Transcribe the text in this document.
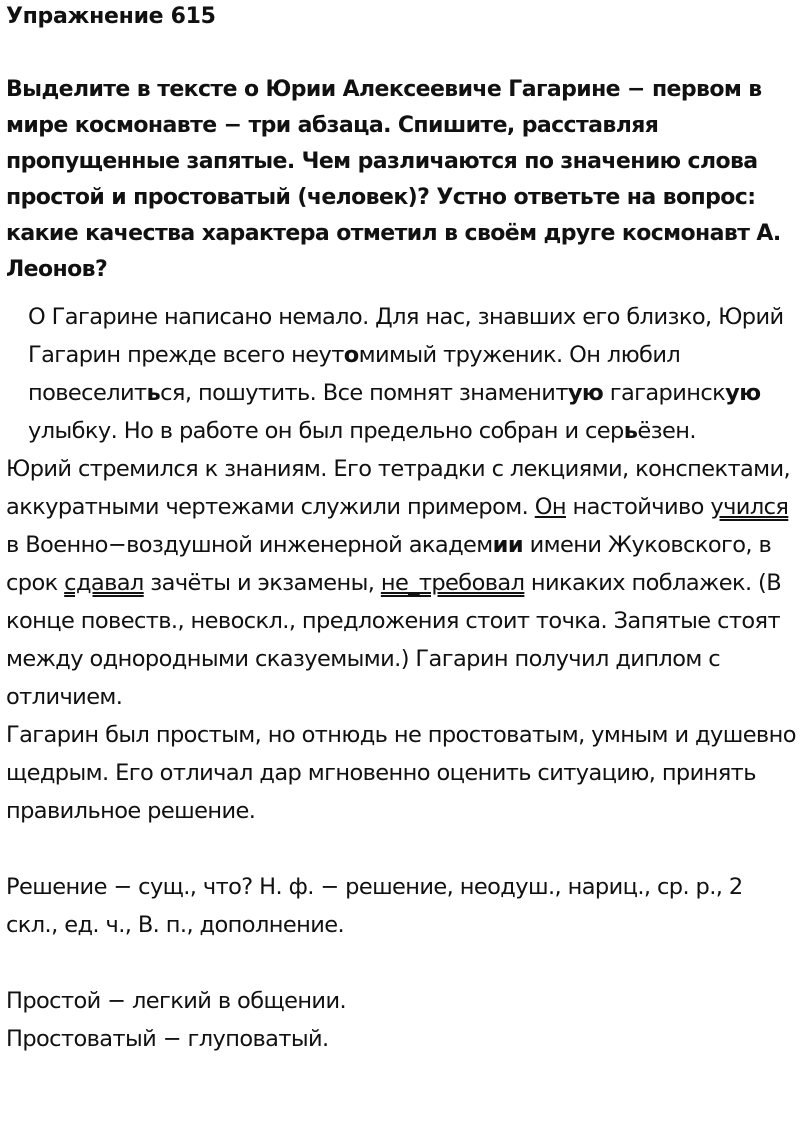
Упражнение 615

Выделите в тексте о Юрии Алексеевиче Гагарине − первом в мире космонавте − три абзаца. Спишите, расставляя пропущенные запятые. Чем различаются по значению слова простой и простоватый (человек)? Устно ответьте на вопрос: какие качества характера отметил в своём друге космонавт А. Леонов?

О Гагарине написано немало. Для нас, знавших его близко, Юрий Гагарин прежде всего неутомимый труженик. Он любил повеселиться, пошутить. Все помнят знаменитую гагаринскую улыбку. Но в работе он был предельно собран и серьёзен.

Юрий стремился к знаниям. Его тетрадки с лекциями, конспектами, аккуратными чертежами служили примером. Он настойчиво учился в Военно−воздушной инженерной академии имени Жуковского, в срок сдавал зачёты и экзамены, не_требовал никаких поблажек. (В конце повеств., невоскл., предложения стоит точка. Запятые стоят между однородными сказуемыми.) Гагарин получил диплом с отличием.

Гагарин был простым, но отнюдь не простоватым, умным и душевно щедрым. Его отличал дар мгновенно оценить ситуацию, принять правильное решение.

Решение − сущ., что? Н. ф. − решение, неодуш., нариц., ср. р., 2 скл., ед. ч., В. п., дополнение.

Простой − легкий в общении.

Простоватый − глуповатый.
